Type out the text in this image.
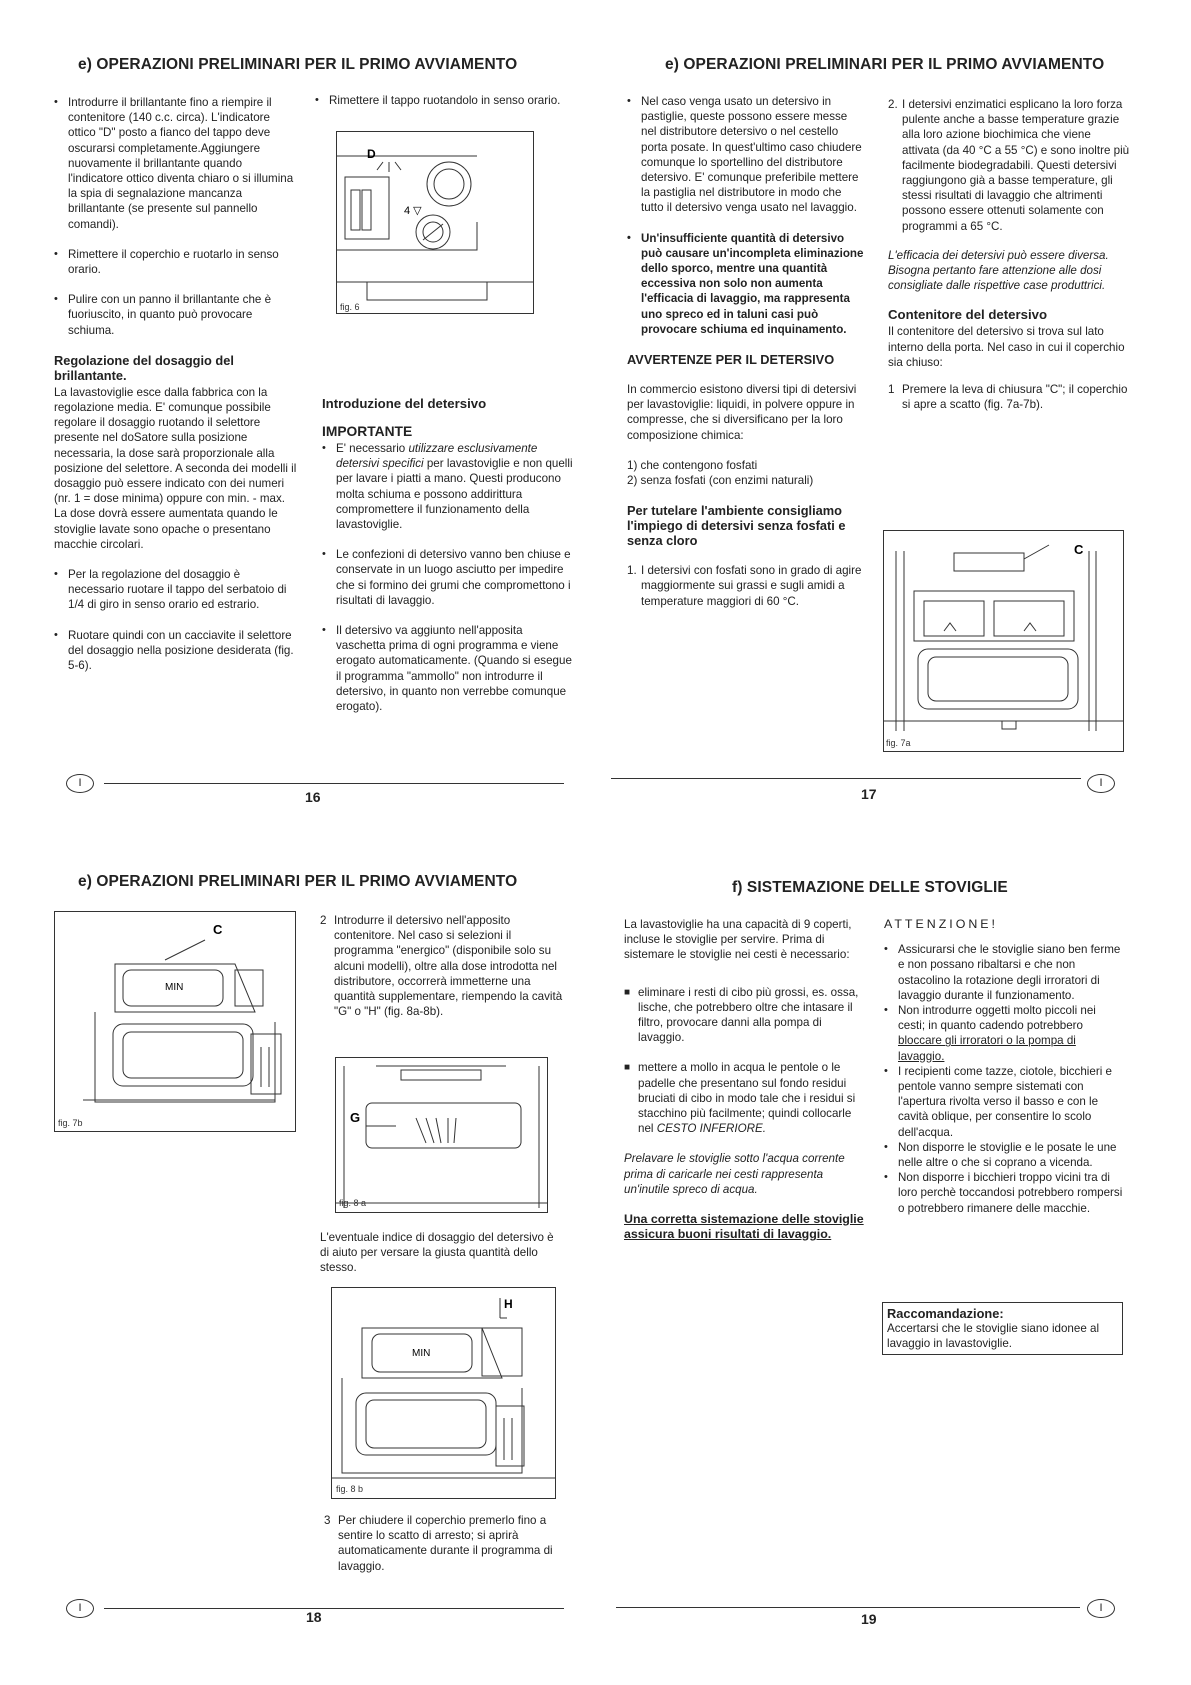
e) OPERAZIONI PRELIMINARI PER IL PRIMO AVVIAMENTO
• Introdurre il brillantante fino a riempire il contenitore (140 c.c. circa). L'indicatore ottico "D" posto a fianco del tappo deve oscurarsi completamente.Aggiungere nuovamente il brillantante quando l'indicatore ottico diventa chiaro o si illumina la spia di segnalazione mancanza brillantante (se presente sul pannello comandi).
• Rimettere il coperchio e ruotarlo in senso orario.
• Pulire con un panno il brillantante che è fuoriuscito, in quanto può provocare schiuma.
Regolazione del dosaggio del brillantante.

La lavastoviglie esce dalla fabbrica con la regolazione media. E' comunque possibile regolare il dosaggio ruotando il selettore presente nel doSatore sulla posizione necessaria, la dose sarà proporzionale alla posizione del selettore. A seconda dei modelli il dosaggio può essere indicato con dei numeri (nr. 1 = dose minima) oppure con min. - max.

La dose dovrà essere aumentata quando le stoviglie lavate sono opache o presentano macchie circolari.

• Per la regolazione del dosaggio è necessario ruotare il tappo del serbatoio di 1/4 di giro in senso orario ed estrario.
• Ruotare quindi con un cacciavite il selettore del dosaggio nella posizione desiderata (fig. 5-6).
• Rimettere il tappo ruotandolo in senso orario.
D
4 ▽
fig. 6
Introduzione del detersivo
IMPORTANTE
• E' necessario utilizzare esclusivamente detersivi specifici per lavastoviglie e non quelli per lavare i piatti a mano. Questi producono molta schiuma e possono addirittura compromettere il funzionamento della lavastoviglie.
• Le confezioni di detersivo vanno ben chiuse e conservate in un luogo asciutto per impedire che si formino dei grumi che compromettono i risultati di lavaggio.
• Il detersivo va aggiunto nell'apposita vaschetta prima di ogni programma e viene erogato automaticamente. (Quando si esegue il programma "ammollo" non introdurre il detersivo, in quanto non verrebbe comunque erogato).
I
16
e) OPERAZIONI PRELIMINARI PER IL PRIMO AVVIAMENTO
• Nel caso venga usato un detersivo in pastiglie, queste possono essere messe nel distributore detersivo o nel cestello porta posate. In quest'ultimo caso chiudere comunque lo sportellino del distributore detersivo. E' comunque preferibile mettere la pastiglia nel distributore in modo che tutto il detersivo venga usato nel lavaggio.
• Un'insufficiente quantità di detersivo può causare un'incompleta eliminazione dello sporco, mentre una quantità eccessiva non solo non aumenta l'efficacia di lavaggio, ma rappresenta uno spreco ed in taluni casi può provocare schiuma ed inquinamento.
AVVERTENZE PER IL DETERSIVO

In commercio esistono diversi tipi di detersivi per lavastoviglie: liquidi, in polvere oppure in compresse, che si diversificano per la loro composizione chimica:

1) che contengono fosfati

2) senza fosfati (con enzimi naturali)

Per tutelare l'ambiente consigliamo l'impiego di detersivi senza fosfati e senza cloro
1. I detersivi con fosfati sono in grado di agire maggiormente sui grassi e sugli amidi a temperature maggiori di 60 °C.
2. I detersivi enzimatici esplicano la loro forza pulente anche a basse temperature grazie alla loro azione biochimica che viene attivata (da 40 °C a 55 °C) e sono inoltre più facilmente biodegradabili. Questi detersivi raggiungono già a basse temperature, gli stessi risultati di lavaggio che altrimenti possono essere ottenuti solamente con programmi a 65 °C.

L'efficacia dei detersivi può essere diversa. Bisogna pertanto fare attenzione alle dosi consigliate dalle rispettive case produttrici.

Contenitore del detersivo

Il contenitore del detersivo si trova sul lato interno della porta. Nel caso in cui il coperchio sia chiuso:

1 Premere la leva di chiusura "C"; il coperchio si apre a scatto (fig. 7a-7b).
C
fig. 7a
I
17
e) OPERAZIONI PRELIMINARI PER IL PRIMO AVVIAMENTO
C
MIN
fig. 7b
2 Introdurre il detersivo nell'apposito contenitore. Nel caso si selezioni il programma "energico" (disponibile solo su alcuni modelli), oltre alla dose introdotta nel distributore, occorrerà immetterne una quantità supplementare, riempendo la cavità "G" o "H" (fig. 8a-8b).
G
fig. 8 a

L'eventuale indice di dosaggio del detersivo è di aiuto per versare la giusta quantità dello stesso.

H
MIN
fig. 8 b
3 Per chiudere il coperchio premerlo fino a sentire lo scatto di arresto; si aprirà automaticamente durante il programma di lavaggio.
I
18
f) SISTEMAZIONE DELLE STOVIGLIE

La lavastoviglie ha una capacità di 9 coperti, incluse le stoviglie per servire. Prima di sistemare le stoviglie nei cesti è necessario:

■ eliminare i resti di cibo più grossi, es. ossa, lische, che potrebbero oltre che intasare il filtro, provocare danni alla pompa di lavaggio.
■ mettere a mollo in acqua le pentole o le padelle che presentano sul fondo residui bruciati di cibo in modo tale che i residui si stacchino più facilmente; quindi collocarle nel CESTO INFERIORE.

Prelavare le stoviglie sotto l'acqua corrente prima di caricarle nei cesti rappresenta un'inutile spreco di acqua.

Una corretta sistemazione delle stoviglie assicura buoni risultati di lavaggio.

ATTENZIONE!

• Assicurarsi che le stoviglie siano ben ferme e non possano ribaltarsi e che non ostacolino la rotazione degli irroratori di lavaggio durante il funzionamento.
• Non introdurre oggetti molto piccoli nei cesti; in quanto cadendo potrebbero bloccare gli irroratori o la pompa di lavaggio.
• I recipienti come tazze, ciotole, bicchieri e pentole vanno sempre sistemati con l'apertura rivolta verso il basso e con le cavità oblique, per consentire lo scolo dell'acqua.
• Non disporre le stoviglie e le posate le une nelle altre o che si coprano a vicenda.
• Non disporre i bicchieri troppo vicini tra di loro perchè toccandosi potrebbero rompersi o potrebbero rimanere delle macchie.
Raccomandazione:
Accertarsi che le stoviglie siano idonee al lavaggio in lavastoviglie.
I
19
